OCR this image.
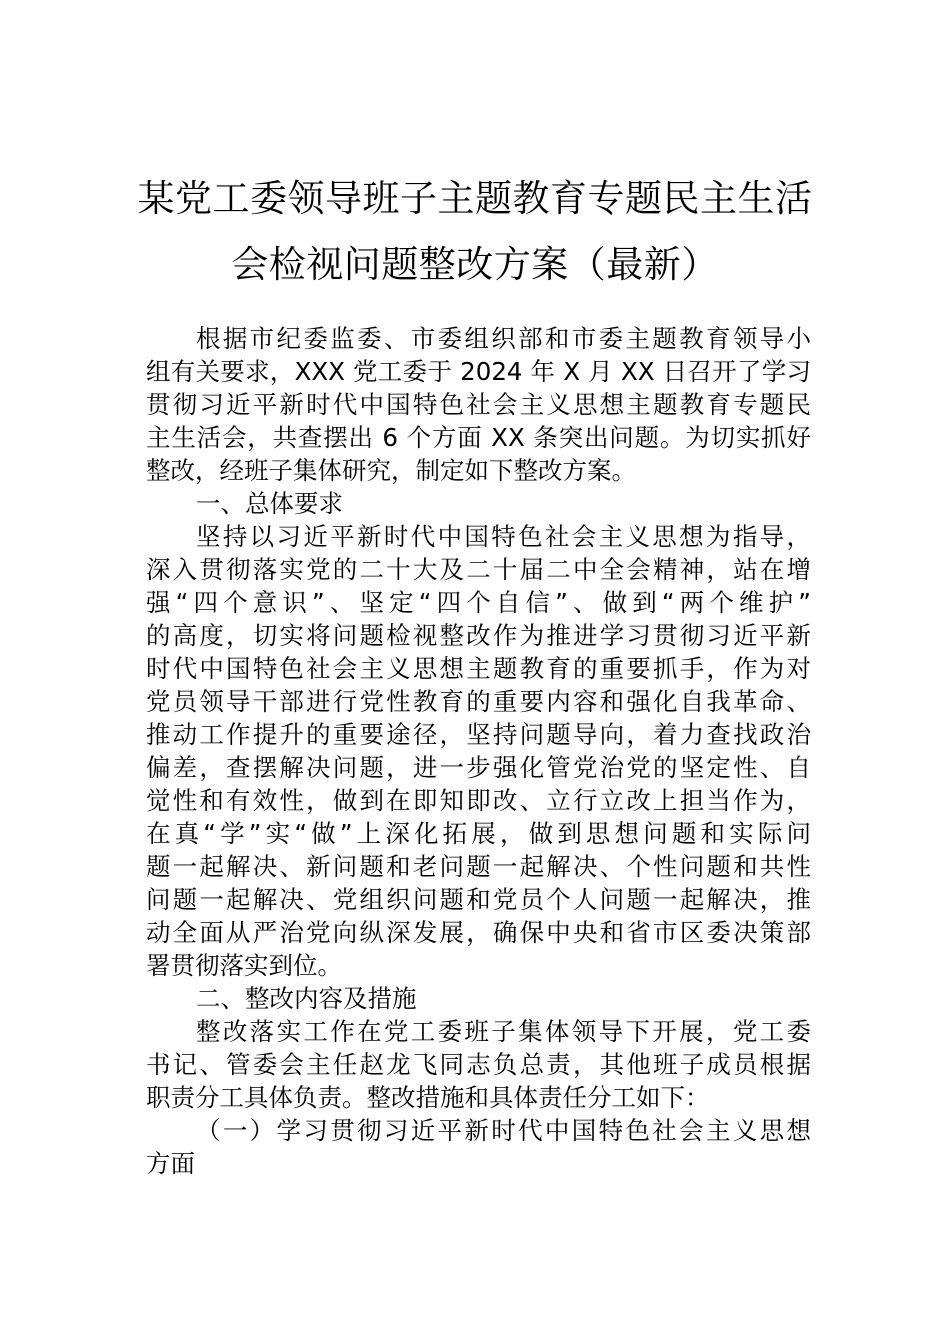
某党工委领导班子主题教育专题民主生活
会检视问题整改方案（最新）

根据市纪委监委、市委组织部和市委主题教育领导小
组有关要求，XXX 党工委于 2024 年 X 月 XX 日召开了学习
贯彻习近平新时代中国特色社会主义思想主题教育专题民
主生活会，共查摆出 6 个方面 XX 条突出问题。为切实抓好
整改，经班子集体研究，制定如下整改方案。

一、总体要求

坚持以习近平新时代中国特色社会主义思想为指导，
深入贯彻落实党的二十大及二十届二中全会精神，站在增
强“四个意识”、坚定“四个自信”、做到“两个维护”
的高度，切实将问题检视整改作为推进学习贯彻习近平新
时代中国特色社会主义思想主题教育的重要抓手，作为对
党员领导干部进行党性教育的重要内容和强化自我革命、
推动工作提升的重要途径，坚持问题导向，着力查找政治
偏差，查摆解决问题，进一步强化管党治党的坚定性、自
觉性和有效性，做到在即知即改、立行立改上担当作为，
在真“学”实“做”上深化拓展，做到思想问题和实际问
题一起解决、新问题和老问题一起解决、个性问题和共性
问题一起解决、党组织问题和党员个人问题一起解决，推
动全面从严治党向纵深发展，确保中央和省市区委决策部
署贯彻落实到位。

二、整改内容及措施

整改落实工作在党工委班子集体领导下开展，党工委
书记、管委会主任赵龙飞同志负总责，其他班子成员根据
职责分工具体负责。整改措施和具体责任分工如下：

（一）学习贯彻习近平新时代中国特色社会主义思想
方面
